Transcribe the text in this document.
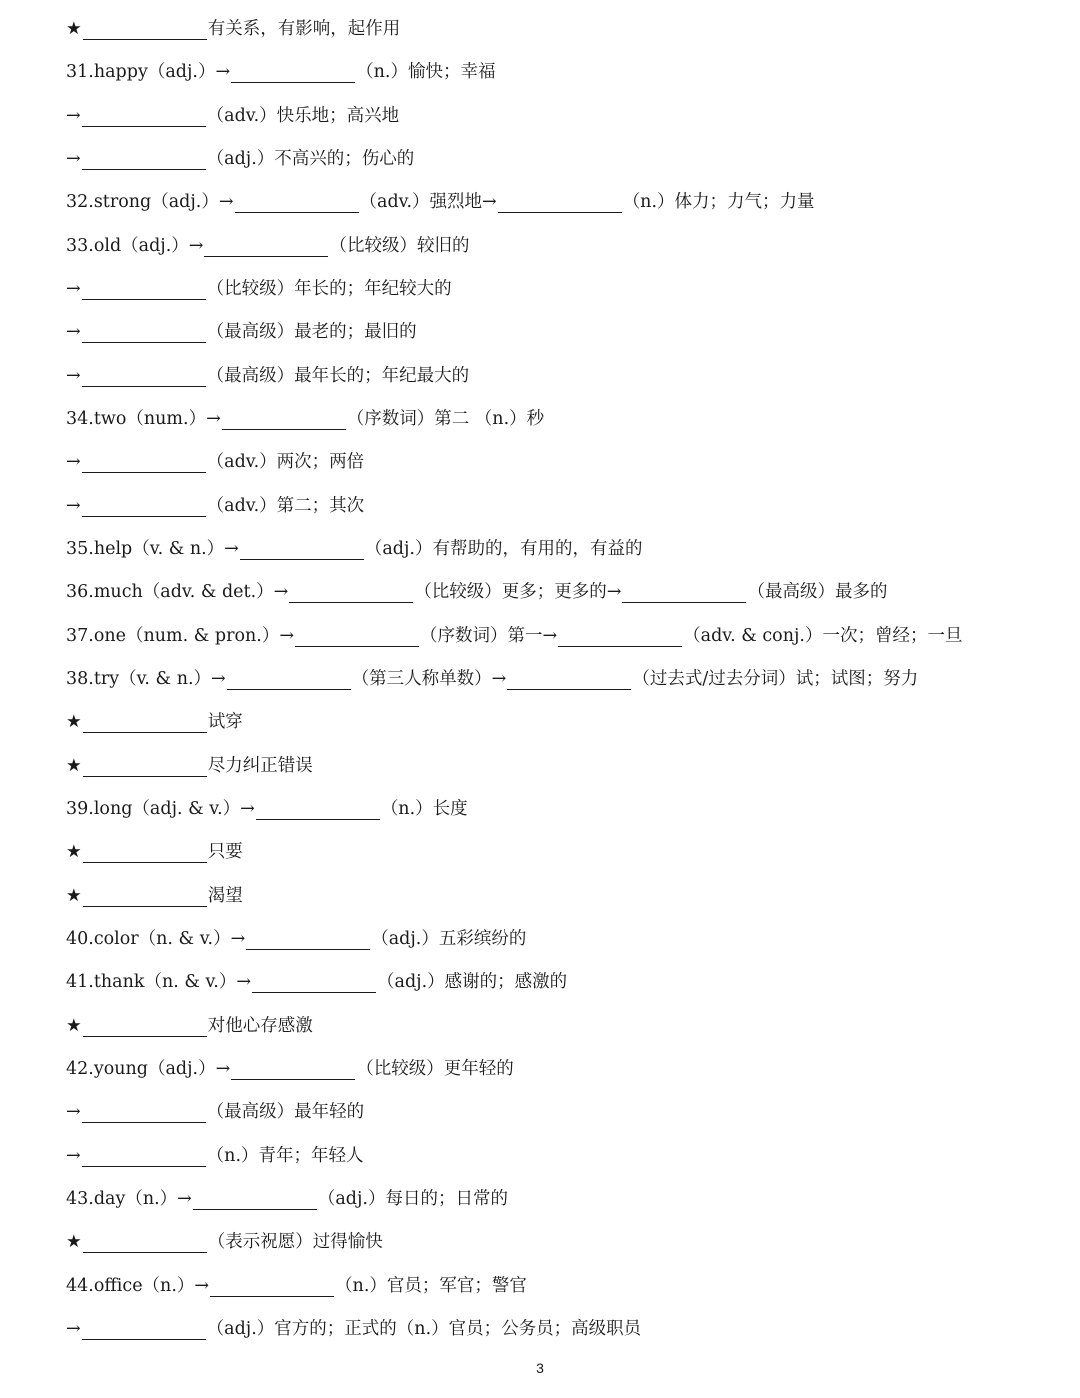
★	有关系，有影响，起作用
31.happy（adj.）→	（n.）愉快；幸福
→	（adv.）快乐地；高兴地
→	（adj.）不高兴的；伤心的
32.strong（adj.）→	（adv.）强烈地→	（n.）体力；力气；力量
33.old（adj.）→	（比较级）较旧的
→	（比较级）年长的；年纪较大的
→	（最高级）最老的；最旧的
→	（最高级）最年长的；年纪最大的
34.two（num.）→	（序数词）第二 （n.）秒
→	（adv.）两次；两倍
→	（adv.）第二；其次
35.help（v. & n.）→	（adj.）有帮助的，有用的，有益的
36.much（adv. & det.）→	（比较级）更多；更多的→	（最高级）最多的
37.one（num. & pron.）→	（序数词）第一→	（adv. & conj.）一次；曾经；一旦
38.try（v. & n.）→	（第三人称单数）→	（过去式/过去分词）试；试图；努力
★	试穿
★	尽力纠正错误
39.long（adj. & v.）→	（n.）长度
★	只要
★	渴望
40.color（n. & v.）→	（adj.）五彩缤纷的
41.thank（n. & v.）→	（adj.）感谢的；感激的
★	对他心存感激
42.young（adj.）→	（比较级）更年轻的
→	（最高级）最年轻的
→	（n.）青年；年轻人
43.day（n.）→	（adj.）每日的；日常的
★	（表示祝愿）过得愉快
44.office（n.）→	（n.）官员；军官；警官
→	（adj.）官方的；正式的（n.）官员；公务员；高级职员
3
